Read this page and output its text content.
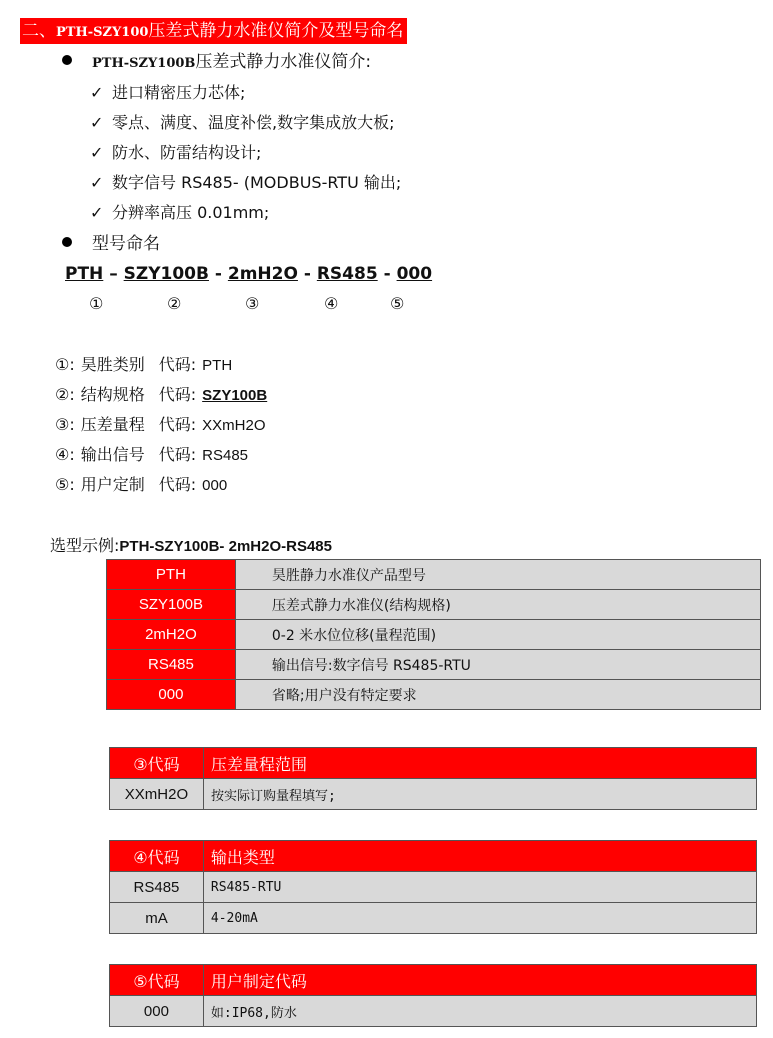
二、PTH-SZY100压差式静力水准仪简介及型号命名
PTH-SZY100B压差式静力水准仪简介:
✓ 进口精密压力芯体;
✓ 零点、满度、温度补偿,数字集成放大板;
✓ 防水、防雷结构设计;
✓ 数字信号 RS485- (MODBUS-RTU 输出;
✓ 分辨率高压 0.01mm;
型号命名
PTH – SZY100B - 2mH2O - RS485 - 000
①	②	③	④	⑤
①: 昊胜类别 代码: PTH
②: 结构规格 代码: SZY100B
③: 压差量程 代码: XXmH2O
④: 输出信号 代码: RS485
⑤: 用户定制 代码: 000
选型示例:PTH-SZY100B- 2mH2O-RS485
PTH	昊胜静力水准仪产品型号
SZY100B	压差式静力水准仪(结构规格)
2mH2O	0-2 米水位位移(量程范围)
RS485	输出信号:数字信号 RS485-RTU
000	省略;用户没有特定要求
③代码	压差量程范围
XXmH2O	按实际订购量程填写;
④代码	输出类型
RS485	RS485-RTU
mA	4-20mA
⑤代码	用户制定代码
000	如:IP68,防水
